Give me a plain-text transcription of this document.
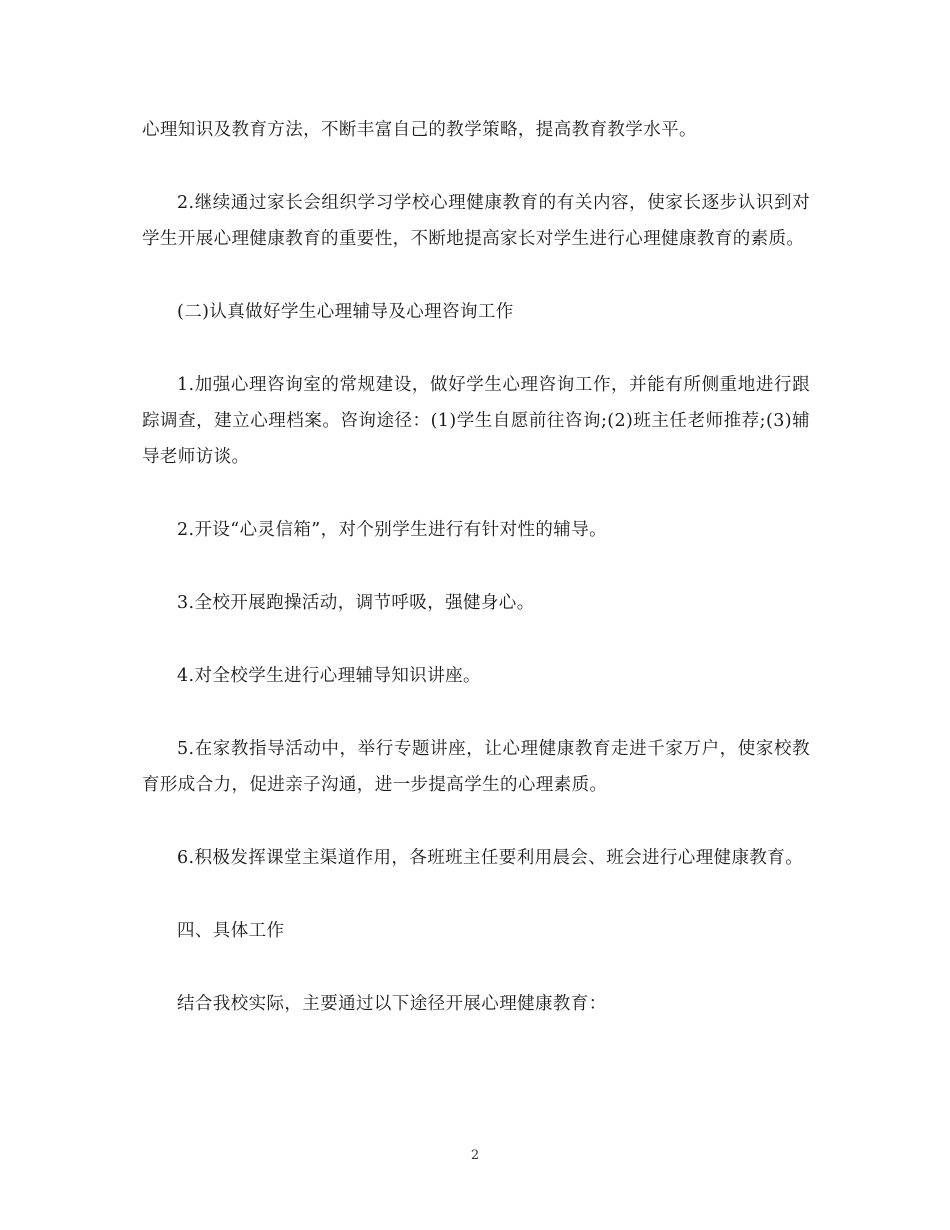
心理知识及教育方法，不断丰富自己的教学策略，提高教育教学水平。

2.继续通过家长会组织学习学校心理健康教育的有关内容，使家长逐步认识到对学生开展心理健康教育的重要性，不断地提高家长对学生进行心理健康教育的素质。

(二)认真做好学生心理辅导及心理咨询工作

1.加强心理咨询室的常规建设，做好学生心理咨询工作，并能有所侧重地进行跟踪调查，建立心理档案。咨询途径：(1)学生自愿前往咨询;(2)班主任老师推荐;(3)辅导老师访谈。

2.开设“心灵信箱”，对个别学生进行有针对性的辅导。

3.全校开展跑操活动，调节呼吸，强健身心。

4.对全校学生进行心理辅导知识讲座。

5.在家教指导活动中，举行专题讲座，让心理健康教育走进千家万户，使家校教育形成合力，促进亲子沟通，进一步提高学生的心理素质。

6.积极发挥课堂主渠道作用，各班班主任要利用晨会、班会进行心理健康教育。

四、具体工作

结合我校实际，主要通过以下途径开展心理健康教育：

2
